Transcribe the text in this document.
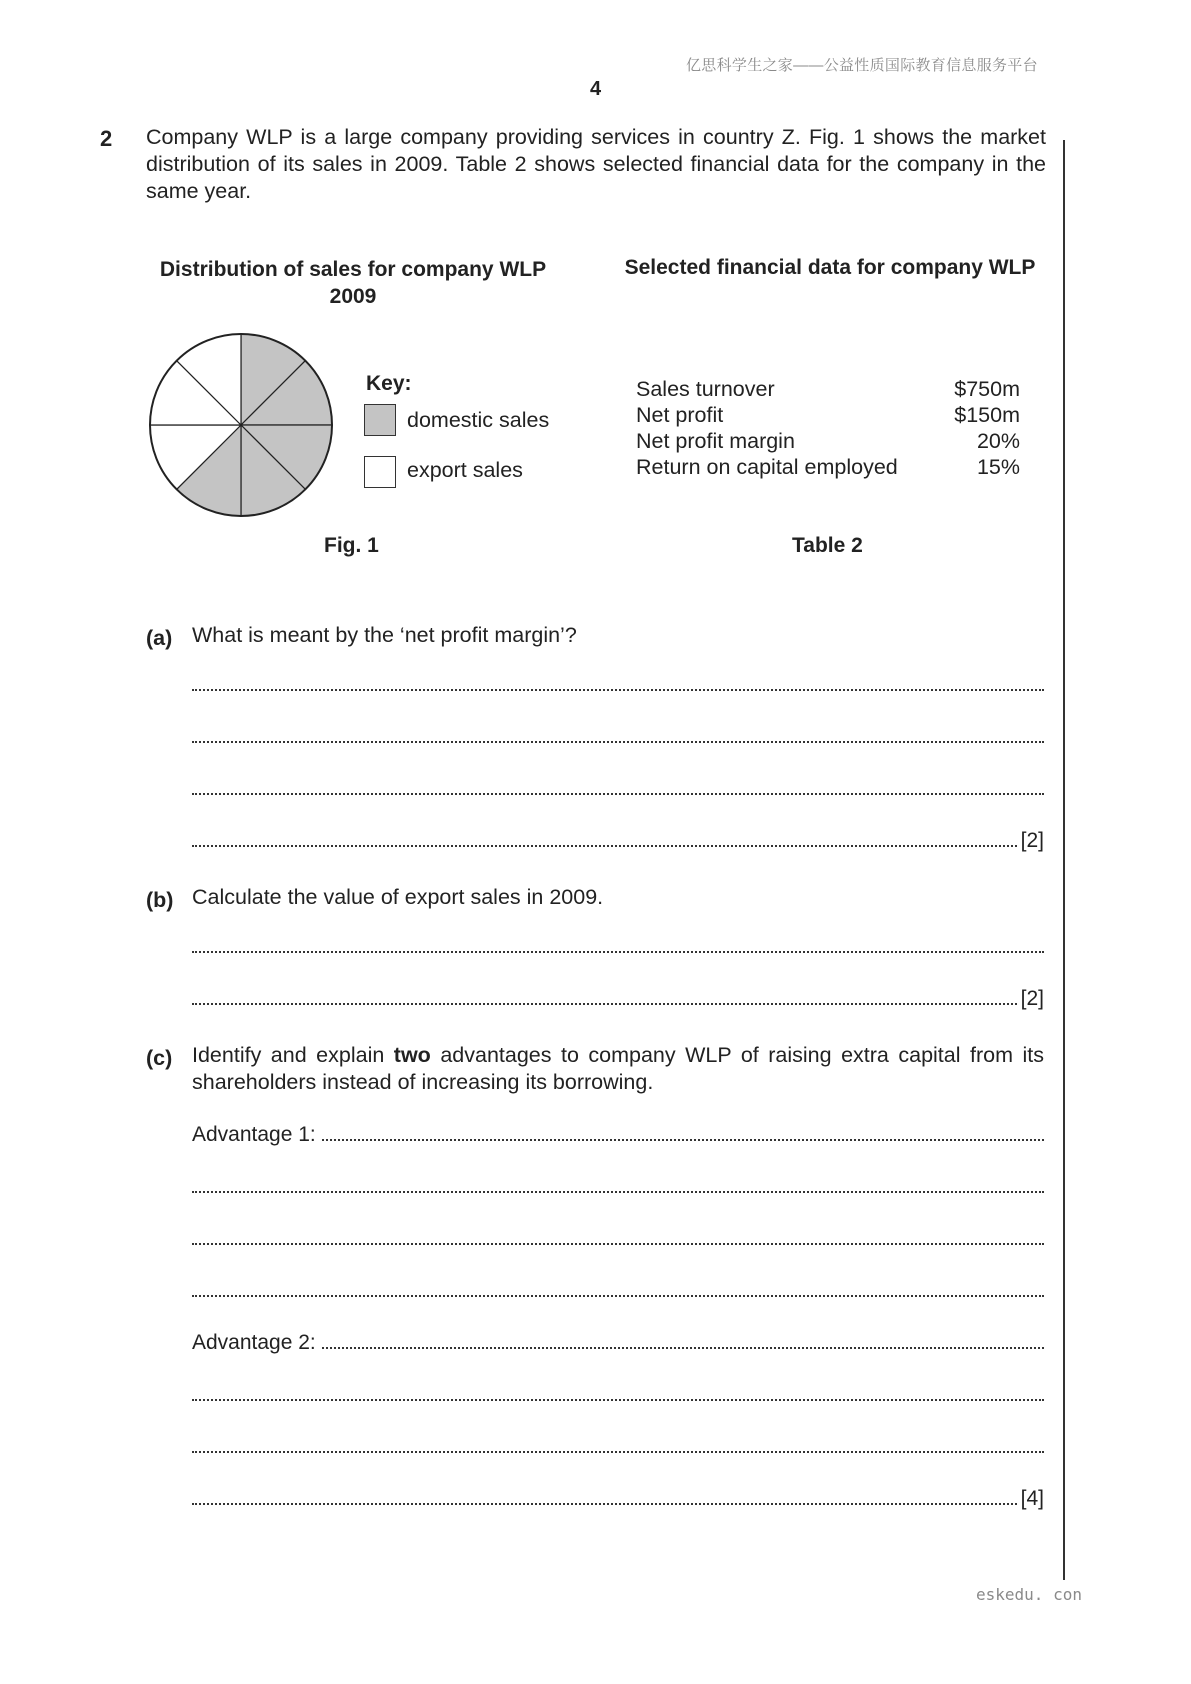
亿思科学生之家——公益性质国际教育信息服务平台
4
2 Company WLP is a large company providing services in country Z. Fig. 1 shows the market distribution of its sales in 2009. Table 2 shows selected financial data for the company in the same year.
Distribution of sales for company WLP
2009
Key:
domestic sales
export sales
Fig. 1
Selected financial data for company WLP
Sales turnover	$750m
Net profit	$150m
Net profit margin	20%
Return on capital employed	15%
Table 2
(a) What is meant by the ‘net profit margin’?
[2]
(b) Calculate the value of export sales in 2009.
[2]
(c) Identify and explain two advantages to company WLP of raising extra capital from its shareholders instead of increasing its borrowing.
Advantage 1:
Advantage 2:
[4]
eskedu. con
